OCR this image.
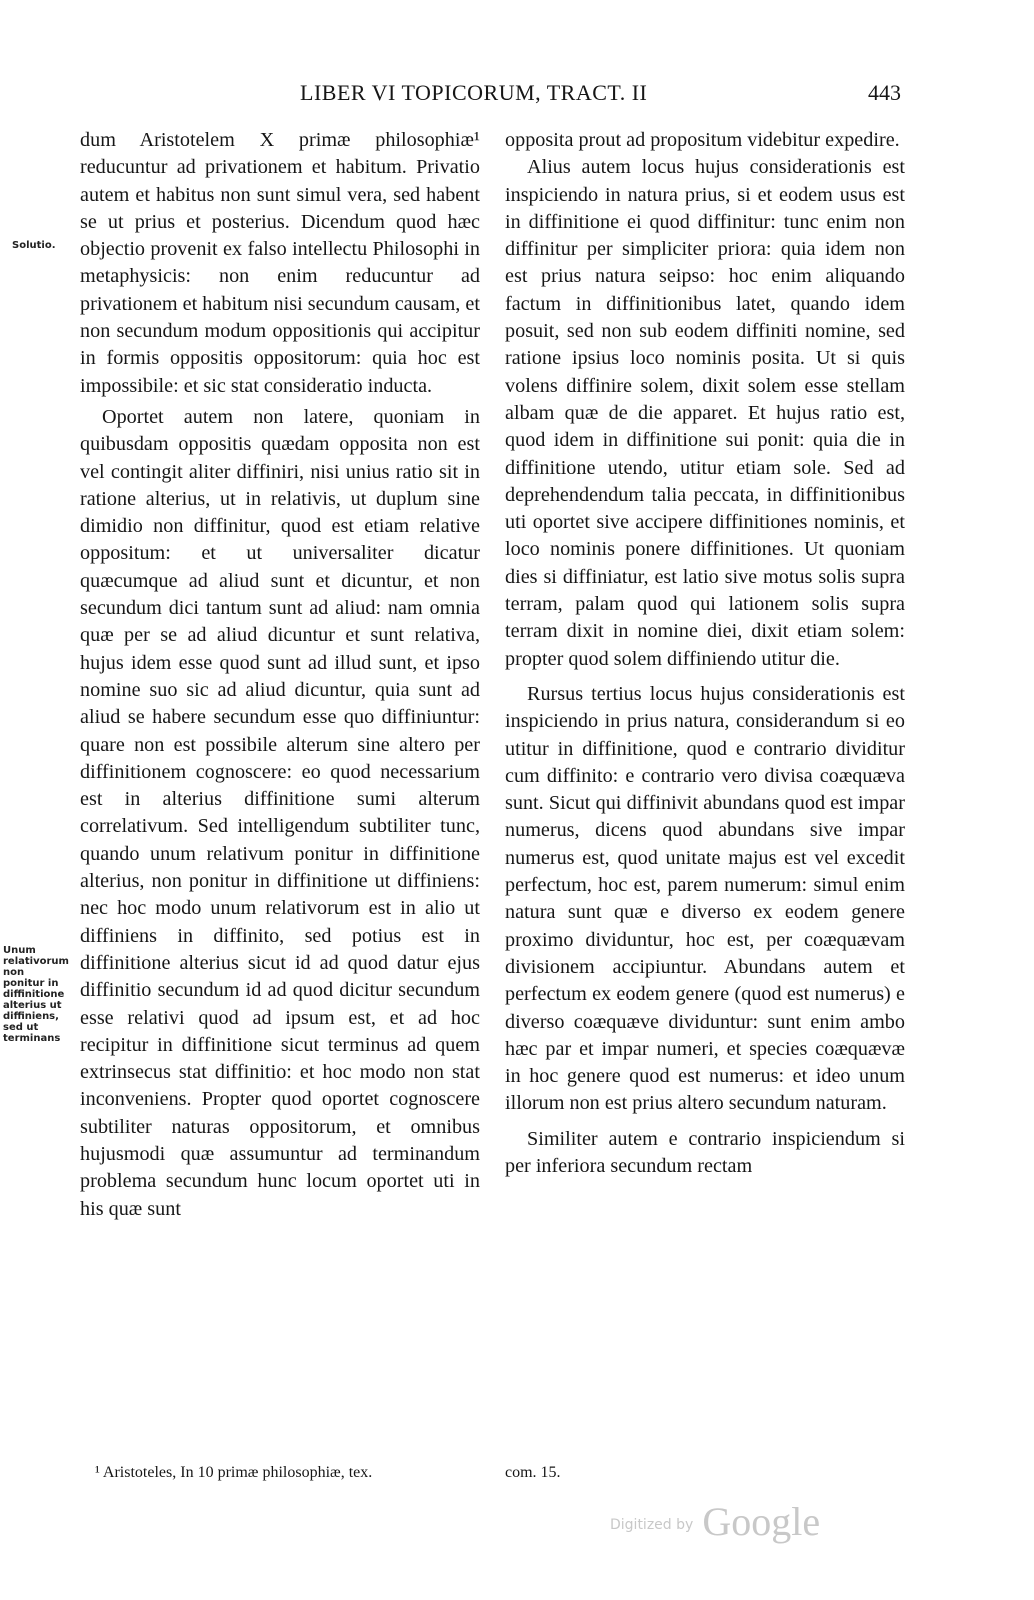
LIBER VI TOPICORUM, TRACT. II	443
Solutio.
Unum relativorum non ponitur in diffinitione alterius ut diffiniens, sed ut terminans

dum Aristotelem X primæ philosophiæ¹ reducuntur ad privationem et habitum. Privatio autem et habitus non sunt simul vera, sed habent se ut prius et posterius. Dicendum quod hæc objectio provenit ex falso intellectu Philosophi in metaphysicis: non enim reducuntur ad privationem et habitum nisi secundum causam, et non secundum modum oppositionis qui accipitur in formis oppositis oppositorum: quia hoc est impossibile: et sic stat consideratio inducta.

Oportet autem non latere, quoniam in quibusdam oppositis quædam opposita non est vel contingit aliter diffiniri, nisi unius ratio sit in ratione alterius, ut in relativis, ut duplum sine dimidio non diffinitur, quod est etiam relative oppositum: et ut universaliter dicatur quæcumque ad aliud sunt et dicuntur, et non secundum dici tantum sunt ad aliud: nam omnia quæ per se ad aliud dicuntur et sunt relativa, hujus idem esse quod sunt ad illud sunt, et ipso nomine suo sic ad aliud dicuntur, quia sunt ad aliud se habere secundum esse quo diffiniuntur: quare non est possibile alterum sine altero per diffinitionem cognoscere: eo quod necessarium est in alterius diffinitione sumi alterum correlativum. Sed intelligendum subtiliter tunc, quando unum relativum ponitur in diffinitione alterius, non ponitur in diffinitione ut diffiniens: nec hoc modo unum relativorum est in alio ut diffiniens in diffinito, sed potius est in diffinitione alterius sicut id ad quod datur ejus diffinitio secundum id ad quod dicitur secundum esse relativi quod ad ipsum est, et ad hoc recipitur in diffinitione sicut terminus ad quem extrinsecus stat diffinitio: et hoc modo non stat inconveniens. Propter quod oportet cognoscere subtiliter naturas oppositorum, et omnibus hujusmodi quæ assumuntur ad terminandum problema secundum hunc locum oportet uti in his quæ sunt

opposita prout ad propositum videbitur expedire.

Alius autem locus hujus considerationis est inspiciendo in natura prius, si et eodem usus est in diffinitione ei quod diffinitur: tunc enim non diffinitur per simpliciter priora: quia idem non est prius natura seipso: hoc enim aliquando factum in diffinitionibus latet, quando idem posuit, sed non sub eodem diffiniti nomine, sed ratione ipsius loco nominis posita. Ut si quis volens diffinire solem, dixit solem esse stellam albam quæ de die apparet. Et hujus ratio est, quod idem in diffinitione sui ponit: quia die in diffinitione utendo, utitur etiam sole. Sed ad deprehendendum talia peccata, in diffinitionibus uti oportet sive accipere diffinitiones nominis, et loco nominis ponere diffinitiones. Ut quoniam dies si diffiniatur, est latio sive motus solis supra terram, palam quod qui lationem solis supra terram dixit in nomine diei, dixit etiam solem: propter quod solem diffiniendo utitur die.

Rursus tertius locus hujus considerationis est inspiciendo in prius natura, considerandum si eo utitur in diffinitione, quod e contrario dividitur cum diffinito: e contrario vero divisa coæquæva sunt. Sicut qui diffinivit abundans quod est impar numerus, dicens quod abundans sive impar numerus est, quod unitate majus est vel excedit perfectum, hoc est, parem numerum: simul enim natura sunt quæ e diverso ex eodem genere proximo dividuntur, hoc est, per coæquævam divisionem accipiuntur. Abundans autem et perfectum ex eodem genere (quod est numerus) e diverso coæquæve dividuntur: sunt enim ambo hæc par et impar numeri, et species coæquævæ in hoc genere quod est numerus: et ideo unum illorum non est prius altero secundum naturam.

Similiter autem e contrario inspiciendum si per inferiora secundum rectam

¹ Aristoteles, In 10 primæ philosophiæ, tex.	com. 15.
Digitized by Google
